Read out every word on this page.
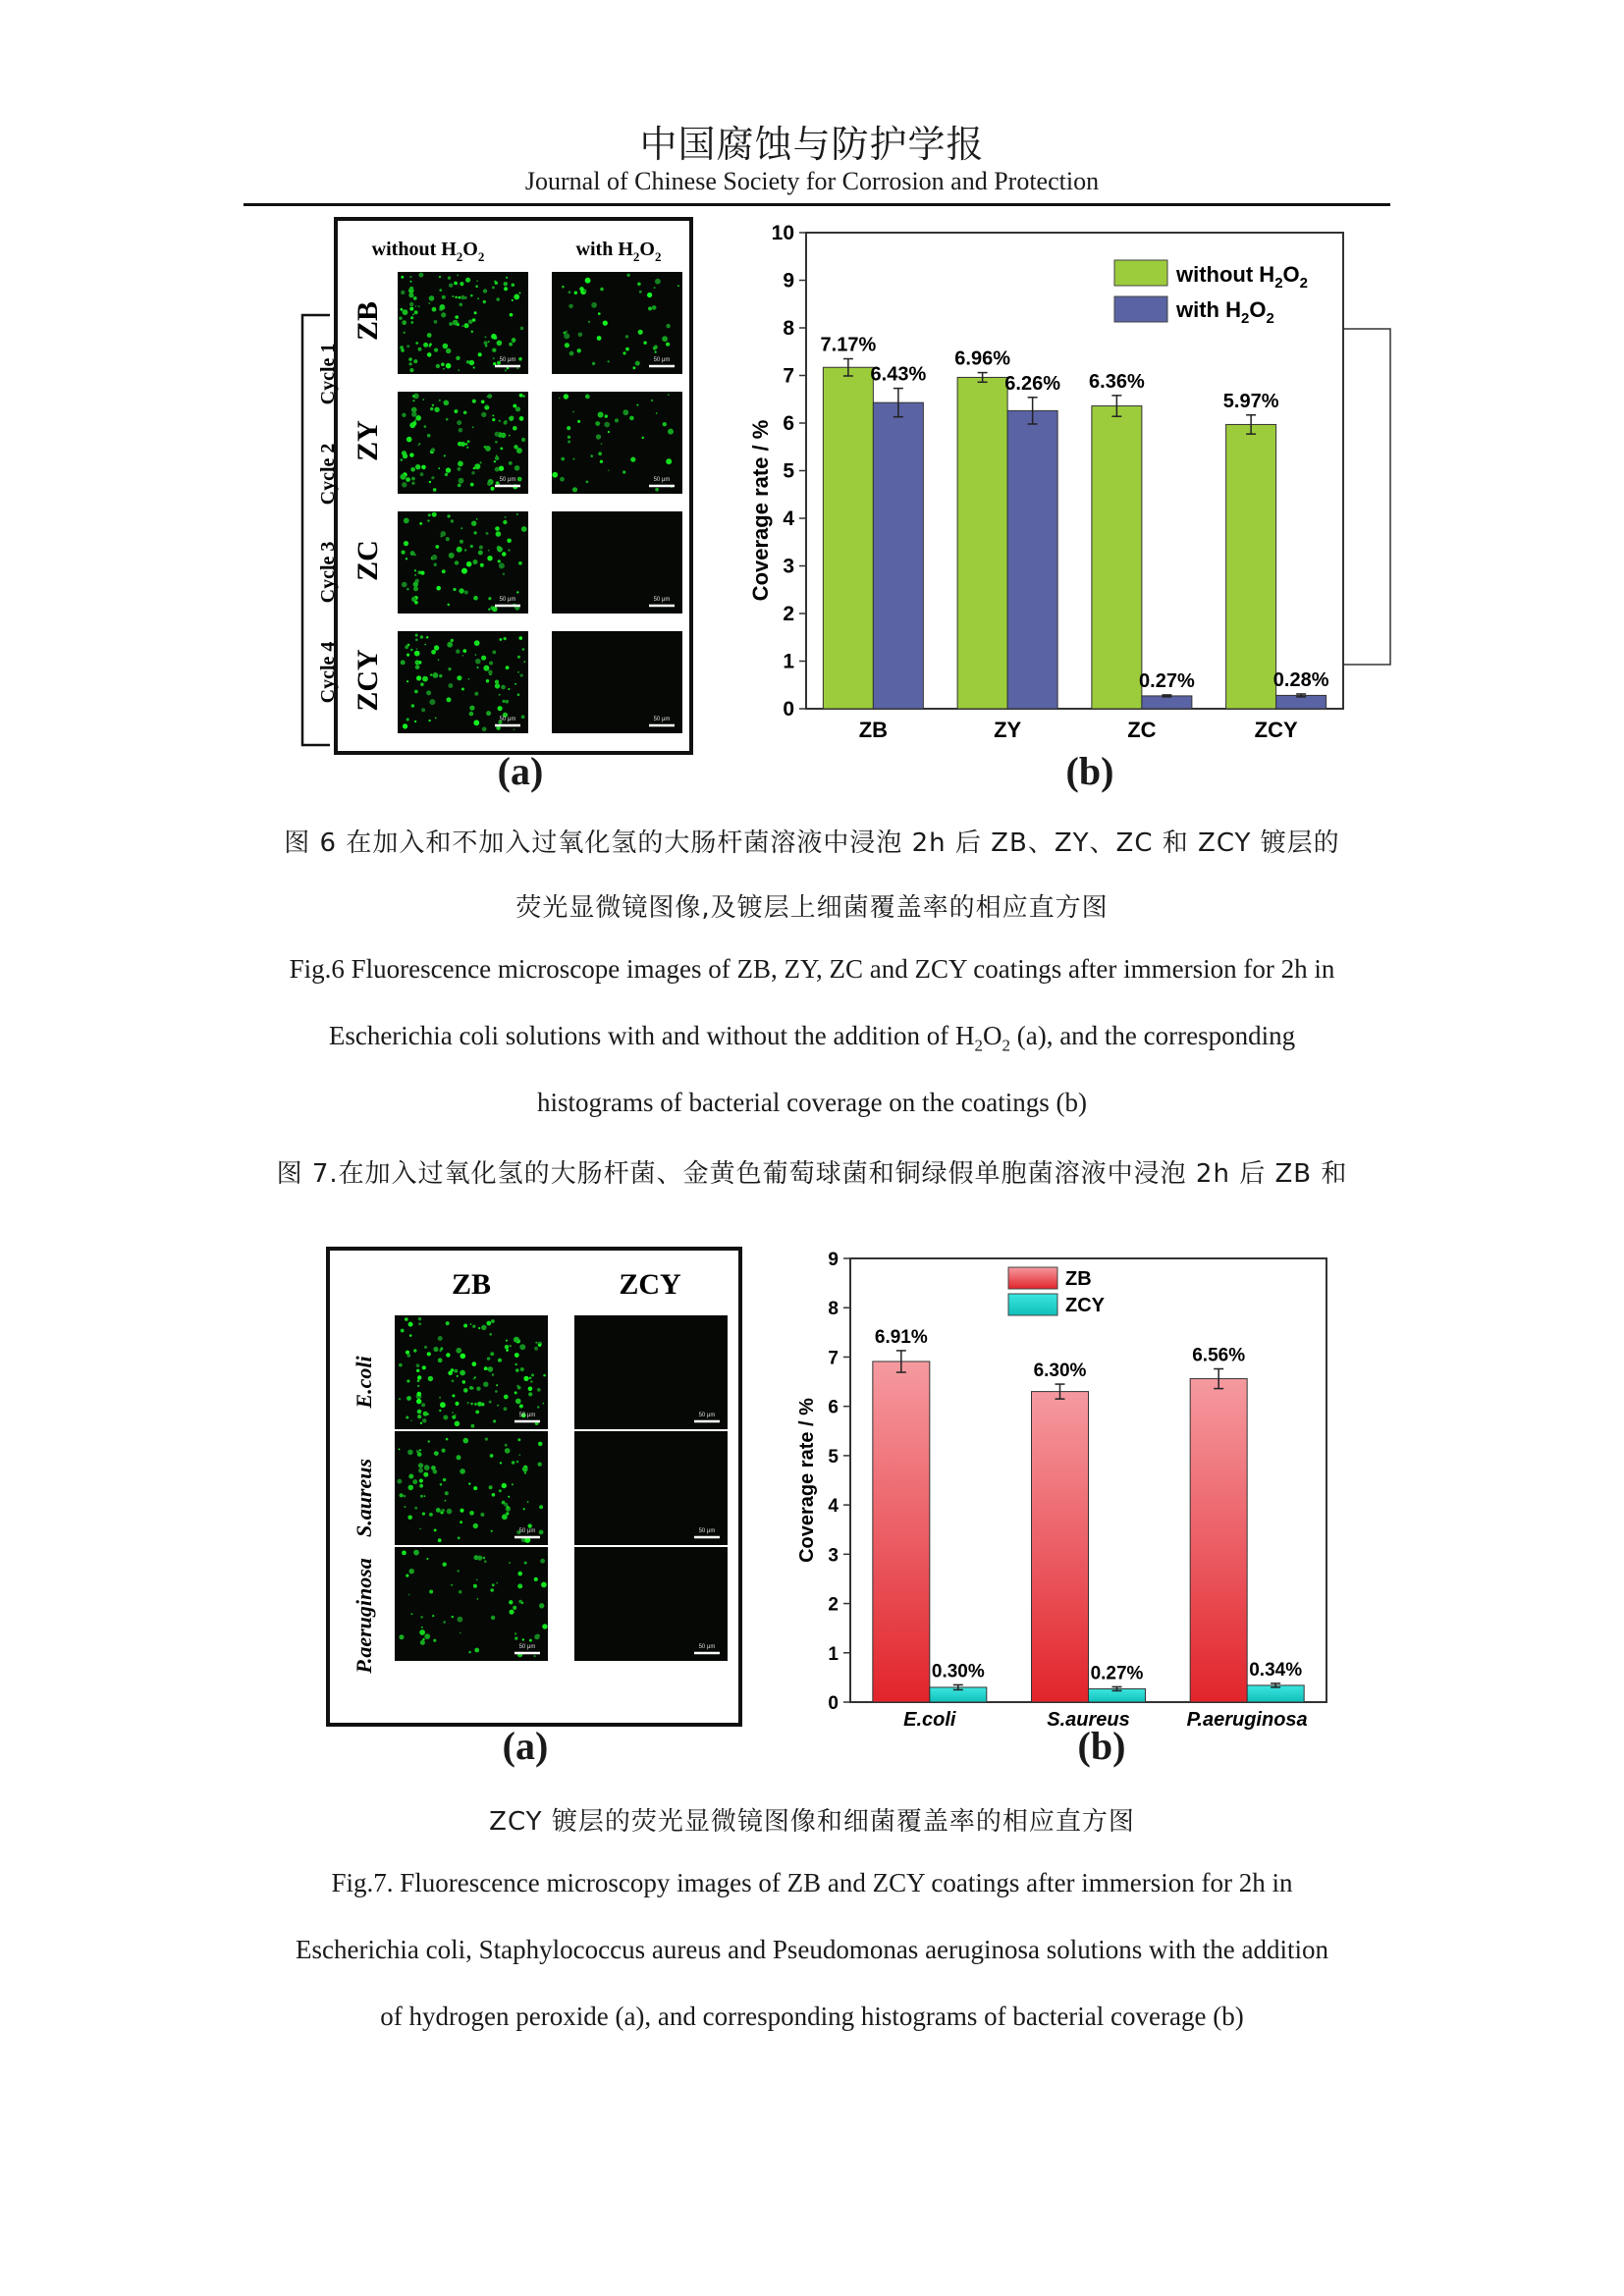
中国腐蚀与防护学报
Journal of Chinese Society for Corrosion and Protection
without $H_2O_2$	with $H_2O_2$
50 μm	50 μm
50 μm	50 μm
50 μm	50 μm
50 μm	50 μm
ZB
ZY
ZC
ZCY
Cycle 1
Cycle 2
Cycle 3
Cycle 4
(a)
Coverage rate / %
0
1
2
3
4
5
6
7
8
9
10
ZB
7.17%
6.43%
ZY
6.96%
6.26%
ZC
6.36%
0.27%
ZCY
5.97%
0.28%
without $H_2O_2$
with $H_2O_2$
(b)
图 6 在加入和不加入过氧化氢的大肠杆菌溶液中浸泡 2h 后 ZB、ZY、ZC 和 ZCY 镀层的
荧光显微镜图像,及镀层上细菌覆盖率的相应直方图
Fig.6 Fluorescence microscope images of ZB, ZY, ZC and ZCY coatings after immersion for 2h in
Escherichia coli solutions with and without the addition of $H_2O_2$ (a), and the corresponding
histograms of bacterial coverage on the coatings (b)
图 7.在加入过氧化氢的大肠杆菌、金黄色葡萄球菌和铜绿假单胞菌溶液中浸泡 2h 后 ZB 和
ZB	ZCY
50 μm	50 μm
50 μm	50 μm
50 μm	50 μm
E.coli
S.aureus
P.aeruginosa
(a)
Coverage rate / %
0
1
2
3
4
5
6
7
8
9
E.coli
6.91%
0.30%
S.aureus
6.30%
0.27%
P.aeruginosa
6.56%
0.34%
ZB
ZCY
(b)
ZCY 镀层的荧光显微镜图像和细菌覆盖率的相应直方图
Fig.7. Fluorescence microscopy images of ZB and ZCY coatings after immersion for 2h in
Escherichia coli, Staphylococcus aureus and Pseudomonas aeruginosa solutions with the addition
of hydrogen peroxide (a), and corresponding histograms of bacterial coverage (b)
